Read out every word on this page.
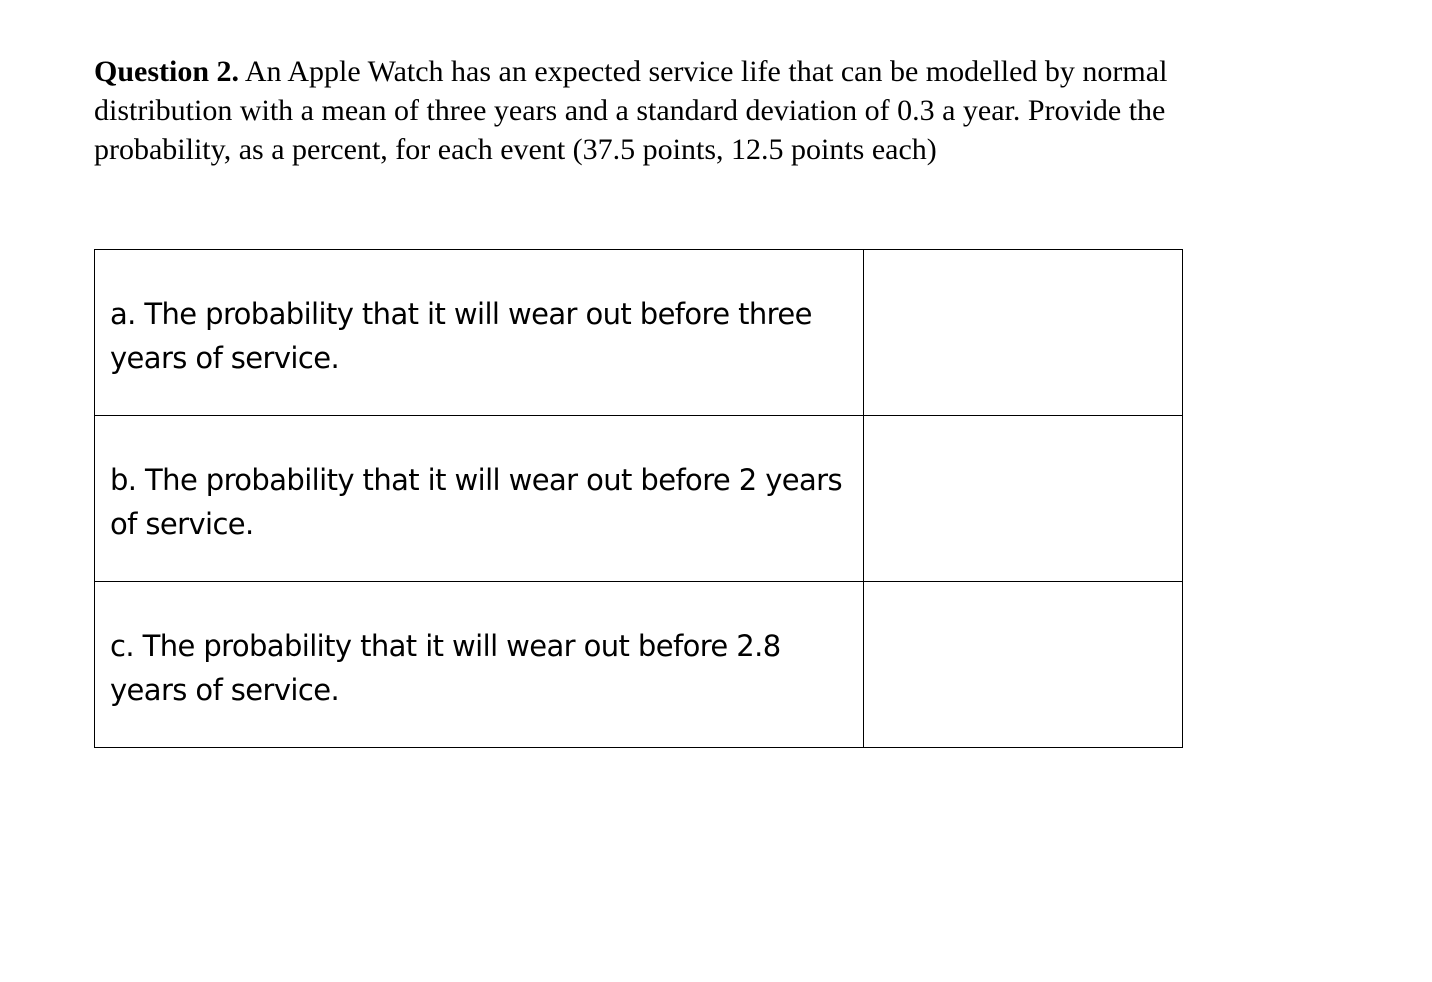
Question 2. An Apple Watch has an expected service life that can be modelled by normal distribution with a mean of three years and a standard deviation of 0.3 a year. Provide the probability, as a percent, for each event (37.5 points, 12.5 points each)

a. The probability that it will wear out before three years of service.	

b. The probability that it will wear out before 2 years of service.	

c. The probability that it will wear out before 2.8 years of service.	
